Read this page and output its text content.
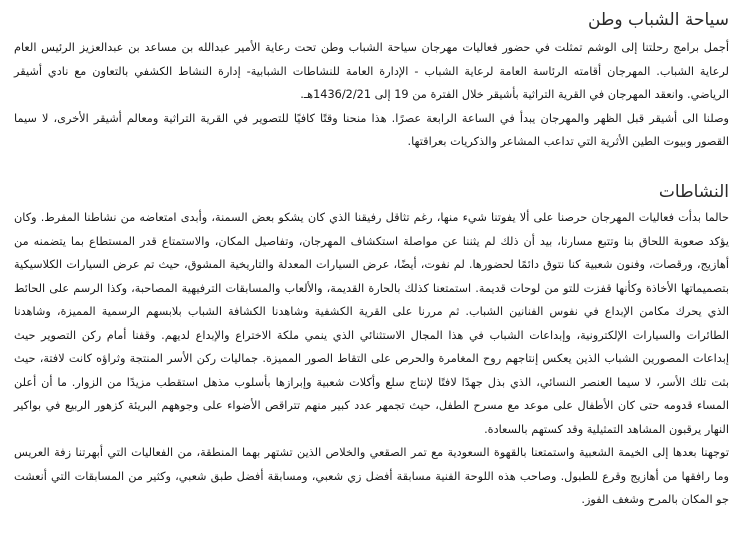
سياحة الشباب وطن

أجمل برامج رحلتنا إلى الوشم تمثلت في حضور فعاليات مهرجان سياحة الشباب وطن تحت رعاية الأمير عبدالله بن مساعد بن عبدالعزيز الرئيس العام لرعاية الشباب. المهرجان أقامته الرئاسة العامة لرعاية الشباب - الإدارة العامة للنشاطات الشبابية- إدارة النشاط الكشفي بالتعاون مع نادي أشيقر الرياضي. وانعقد المهرجان في القرية التراثية بأشيقر خلال الفترة من 19 إلى 1436/2/21هـ.

وصلنا الى أشيقر قبل الظهر والمهرجان يبدأ في الساعة الرابعة عصرًا. هذا منحنا وقتًا كافيًا للتصوير في القرية التراثية ومعالم أشيقر الأخرى، لا سيما القصور وبيوت الطين الأثرية التي تداعب المشاعر والذكريات بعراقتها.

النشاطات

حالما بدأت فعاليات المهرجان حرصنا على ألا يفوتنا شيء منها، رغم تثاقل رفيقنا الذي كان يشكو بعض السمنة، وأبدى امتعاضه من نشاطنا المفرط. وكان يؤكد صعوبة اللحاق بنا وتتبع مسارنا، بيد أن ذلك لم يثننا عن مواصلة استكشاف المهرجان، وتفاصيل المكان، والاستمتاع قدر المستطاع بما يتضمنه من أهازيج، ورقصات، وفنون شعبية كنا نتوق دائمًا لحضورها. لم نفوت، أيضًا، عرض السيارات المعدلة والتاريخية المشوق، حيث تم عرض السيارات الكلاسيكية بتصميماتها الأخاذة وكأنها قفزت للتو من لوحات قديمة. استمتعنا كذلك بالحارة القديمة، والألعاب والمسابقات الترفيهية المصاحبة، وكذا الرسم على الحائط الذي يحرك مكامن الإبداع في نفوس الفنانين الشباب. ثم مررنا على القرية الكشفية وشاهدنا الكشافة الشباب بلابسهم الرسمية المميزة، وشاهدنا الطائرات والسيارات الإلكترونية، وإبداعات الشباب في هذا المجال الاستثنائي الذي ينمي ملكة الاختراع والإبداع لديهم. وقفنا أمام ركن التصوير حيث إبداعات المصورين الشباب الذين يعكس إنتاجهم روح المغامرة والحرص على التقاط الصور المميزة. جماليات ركن الأسر المنتجة وثراؤه كانت لافتة، حيث بثت تلك الأسر، لا سيما العنصر النسائي، الذي بذل جهدًا لافتًا لإنتاج سلع وأكلات شعبية وإبرازها بأسلوب مذهل استقطب مزيدًا من الزوار. ما أن أعلن المساء قدومه حتى كان الأطفال على موعد مع مسرح الطفل، حيث تجمهر عدد كبير منهم تتراقص الأضواء على وجوههم البريئة كزهور الربيع في بواكير النهار يرقبون المشاهد التمثيلية وقد كستهم بالسعادة.

توجهنا بعدها إلى الخيمة الشعبية واستمتعنا بالقهوة السعودية مع تمر الصقعي والخلاص الذين تشتهر بهما المنطقة، من الفعاليات التي أبهرتنا زفة العريس وما رافقها من أهازيج وقرع للطبول. وصاحب هذه اللوحة الفنية مسابقة أفضل زي شعبي، ومسابقة أفضل طبق شعبي، وكثير من المسابقات التي أنعشت جو المكان بالمرح وشغف الفوز.
